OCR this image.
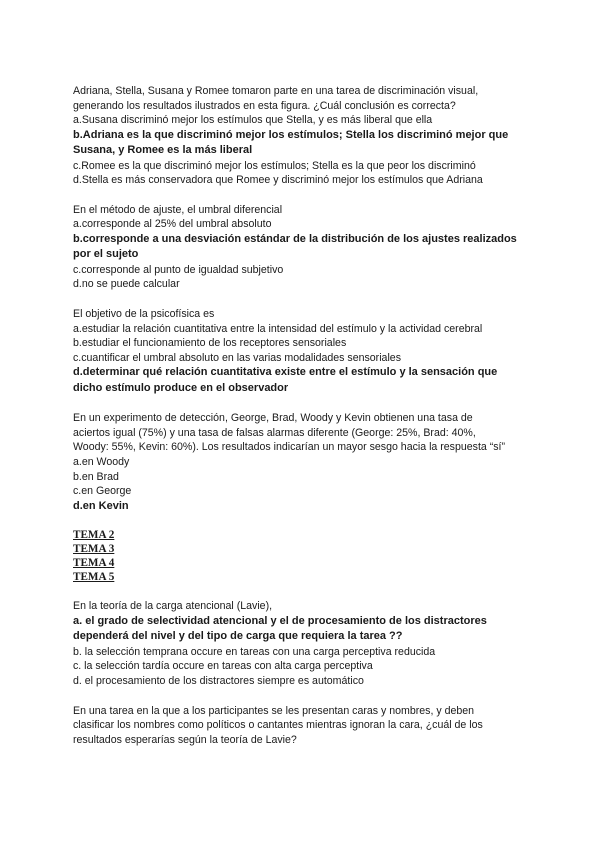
Adriana, Stella, Susana y Romee tomaron parte en una tarea de discriminación visual,
generando los resultados ilustrados en esta figura. ¿Cuál conclusión es correcta?
a.Susana discriminó mejor los estímulos que Stella, y es más liberal que ella
b.Adriana es la que discriminó mejor los estímulos; Stella los discriminó mejor que
Susana, y Romee es la más liberal
c.Romee es la que discriminó mejor los estímulos; Stella es la que peor los discriminó
d.Stella es más conservadora que Romee y discriminó mejor los estímulos que Adriana
En el método de ajuste, el umbral diferencial
a.corresponde al 25% del umbral absoluto
b.corresponde a una desviación estándar de la distribución de los ajustes realizados
por el sujeto
c.corresponde al punto de igualdad subjetivo
d.no se puede calcular
El objetivo de la psicofísica es
a.estudiar la relación cuantitativa entre la intensidad del estímulo y la actividad cerebral
b.estudiar el funcionamiento de los receptores sensoriales
c.cuantificar el umbral absoluto en las varias modalidades sensoriales
d.determinar qué relación cuantitativa existe entre el estímulo y la sensación que
dicho estímulo produce en el observador
En un experimento de detección, George, Brad, Woody y Kevin obtienen una tasa de
aciertos igual (75%) y una tasa de falsas alarmas diferente (George: 25%, Brad: 40%,
Woody: 55%, Kevin: 60%). Los resultados indicarían un mayor sesgo hacia la respuesta “sí”
a.en Woody
b.en Brad
c.en George
d.en Kevin
TEMA 2
TEMA 3
TEMA 4
TEMA 5
En la teoría de la carga atencional (Lavie),
a. el grado de selectividad atencional y el de procesamiento de los distractores
dependerá del nivel y del tipo de carga que requiera la tarea ??
b. la selección temprana occure en tareas con una carga perceptiva reducida
c. la selección tardía occure en tareas con alta carga perceptiva
d. el procesamiento de los distractores siempre es automático
En una tarea en la que a los participantes se les presentan caras y nombres, y deben
clasificar los nombres como políticos o cantantes mientras ignoran la cara, ¿cuál de los
resultados esperarías según la teoría de Lavie?
